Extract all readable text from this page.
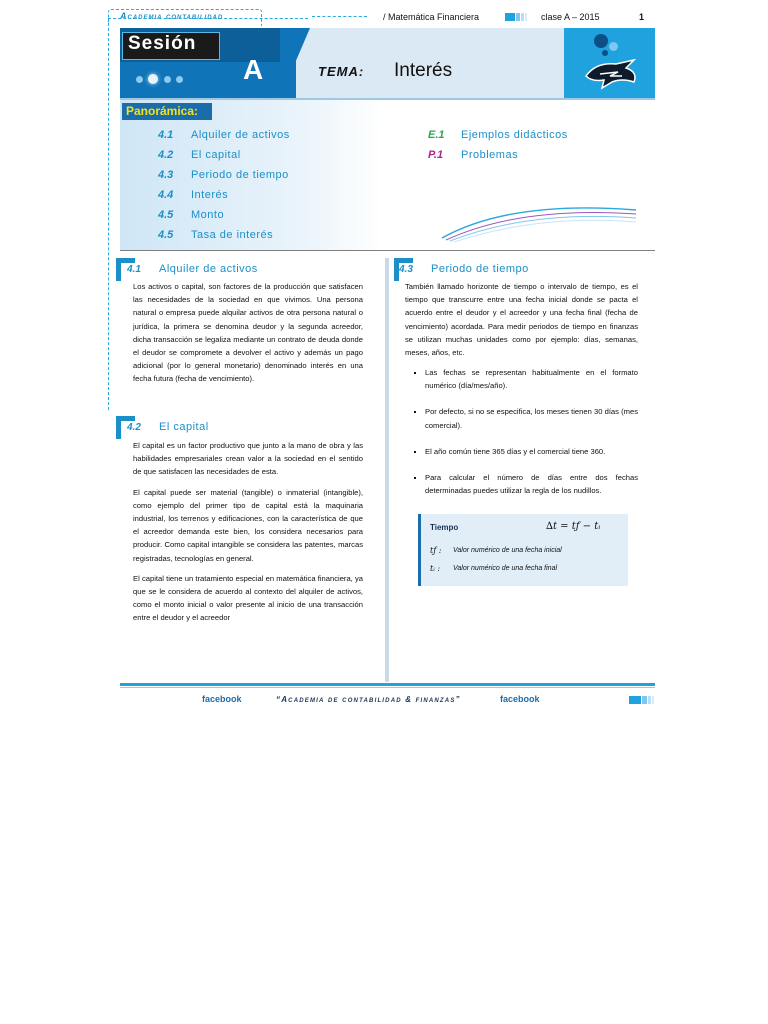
Academia contabilidad	/ Matemática Financiera	clase A – 2015	1
Sesión
A	TEMA: Interés
Panorámica:
4.1 Alquiler de activos
4.2 El capital
4.3 Periodo de tiempo
4.4 Interés
4.5 Monto
4.5 Tasa de interés
E.1 Ejemplos didácticos
P.1 Problemas
4.1 Alquiler de activos

Los activos o capital, son factores de la producción que satisfacen las necesidades de la sociedad en que vivimos. Una persona natural o empresa puede alquilar activos de otra persona natural o jurídica, la primera se denomina deudor y la segunda acreedor, dicha transacción se legaliza mediante un contrato de deuda donde el deudor se compromete a devolver el activo y además un pago adicional (por lo general monetario) denominado interés en una fecha futura (fecha de vencimiento).

4.2 El capital

El capital es un factor productivo que junto a la mano de obra y las habilidades empresariales crean valor a la sociedad en el sentido de que satisfacen las necesidades de esta.

El capital puede ser material (tangible) o inmaterial (intangible), como ejemplo del primer tipo de capital está la maquinaria industrial, los terrenos y edificaciones, con la característica de que el acreedor demanda este bien, los considera necesarios para producir. Como capital intangible se considera las patentes, marcas registradas, tecnologías en general.

El capital tiene un tratamiento especial en matemática financiera, ya que se le considera de acuerdo al contexto del alquiler de activos, como el monto inicial o valor presente al inicio de una transacción entre el deudor y el acreedor

4.3 Periodo de tiempo

También llamado horizonte de tiempo o intervalo de tiempo, es el tiempo que transcurre entre una fecha inicial donde se pacta el acuerdo entre el deudor y el acreedor y una fecha final (fecha de vencimiento) acordada. Para medir periodos de tiempo en finanzas se utilizan muchas unidades como por ejemplo: días, semanas, meses, años, etc.

▪ Las fechas se representan habitualmente en el formato numérico (día/mes/año).
▪ Por defecto, si no se especifica, los meses tienen 30 días (mes comercial).
▪ El año común tiene 365 días y el comercial tiene 360.
▪ Para calcular el número de días entre dos fechas determinadas puedes utilizar la regla de los nudillos.
Tiempo	∆t = tƒ − tᵢ
tƒ : Valor numérico de una fecha inicial
tᵢ : Valor numérico de una fecha final
facebook	“Academia de contabilidad & finanzas”	facebook
